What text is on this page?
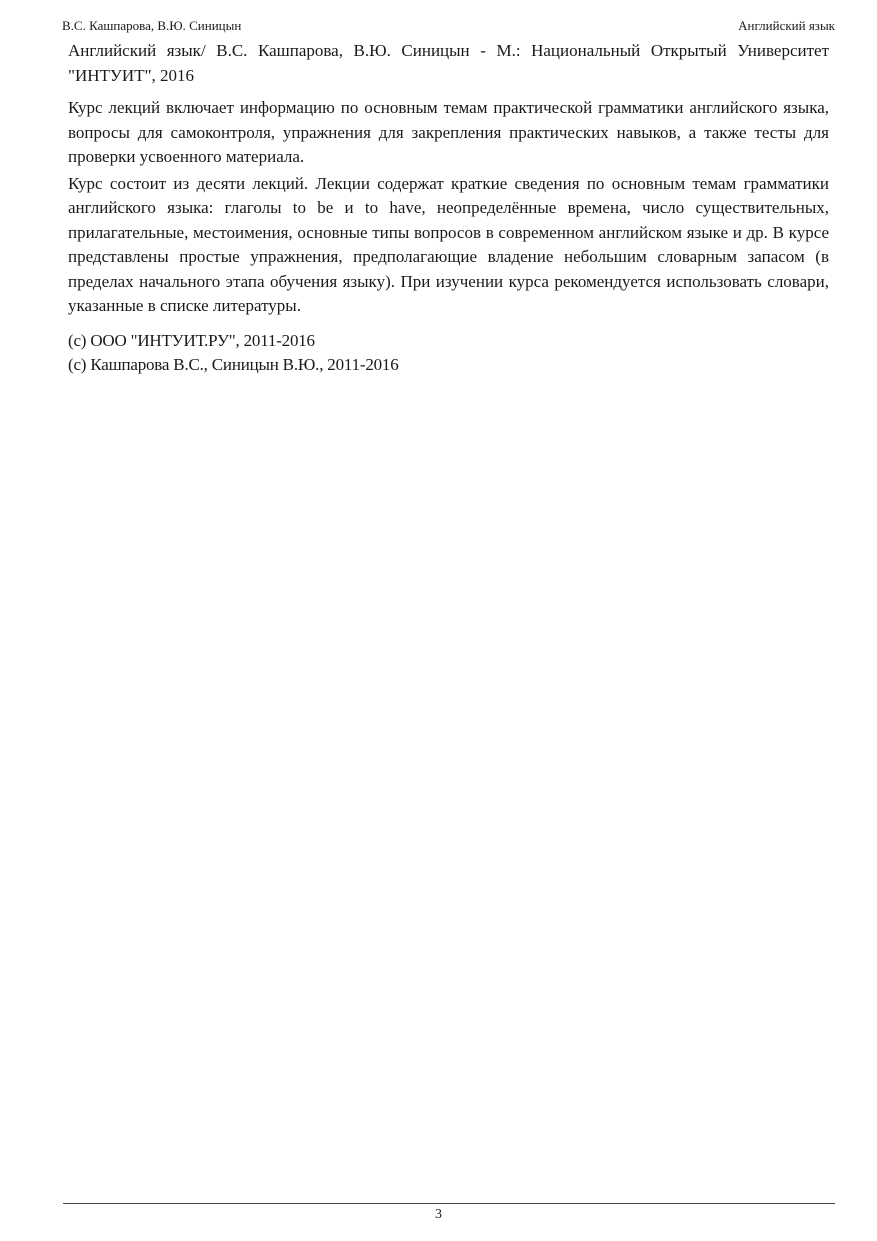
В.С. Кашпарова, В.Ю. Синицын	Английский язык

Английский язык/ В.С. Кашпарова, В.Ю. Синицын - М.: Национальный Открытый Университет "ИНТУИТ", 2016

Курс лекций включает информацию по основным темам практической грамматики английского языка, вопросы для самоконтроля, упражнения для закрепления практических навыков, а также тесты для проверки усвоенного материала.

Курс состоит из десяти лекций. Лекции содержат краткие сведения по основным темам грамматики английского языка: глаголы to be и to have, неопределённые времена, число существительных, прилагательные, местоимения, основные типы вопросов в современном английском языке и др. В курсе представлены простые упражнения, предполагающие владение небольшим словарным запасом (в пределах начального этапа обучения языку). При изучении курса рекомендуется использовать словари, указанные в списке литературы.

(c) ООО "ИНТУИТ.РУ", 2011-2016

(c) Кашпарова В.С., Синицын В.Ю., 2011-2016

3
